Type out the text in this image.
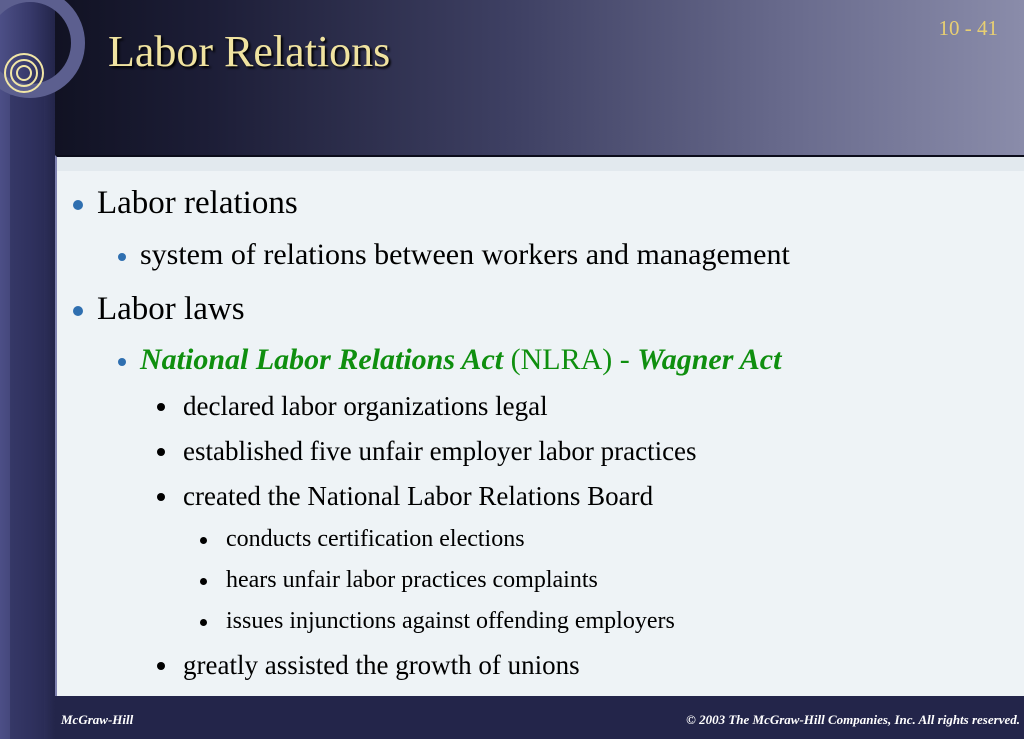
Labor Relations	10 - 41
Labor relations
system of relations between workers and management
Labor laws
National Labor Relations Act (NLRA) - Wagner Act
declared labor organizations legal
established five unfair employer labor practices
created the National Labor Relations Board
conducts certification elections
hears unfair labor practices complaints
issues injunctions against offending employers
greatly assisted the growth of unions
McGraw-Hill	© 2003 The McGraw-Hill Companies, Inc. All rights reserved.
